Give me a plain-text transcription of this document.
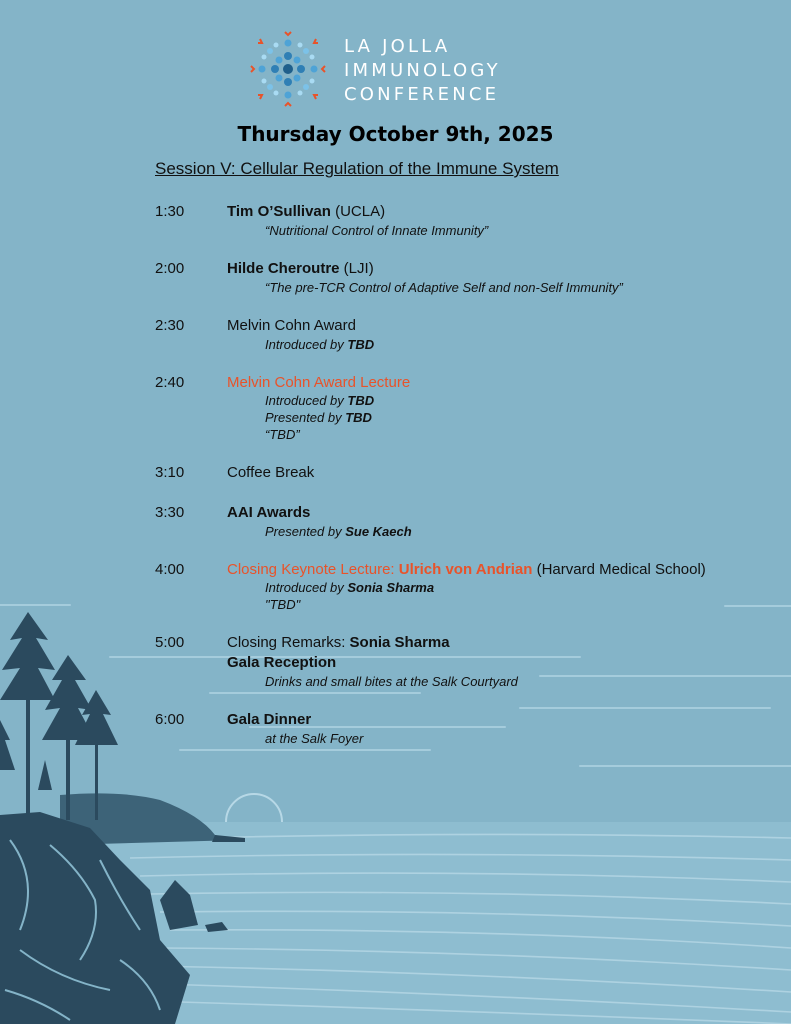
LA JOLLA
IMMUNOLOGY
CONFERENCE
Thursday October 9th, 2025
Session V: Cellular Regulation of the Immune System
1:30	Tim O’Sullivan (UCLA)
“Nutritional Control of Innate Immunity”
2:00	Hilde Cheroutre (LJI)
“The pre-TCR Control of Adaptive Self and non-Self Immunity”
2:30	Melvin Cohn Award
Introduced by TBD
2:40	Melvin Cohn Award Lecture
Introduced by TBD
Presented by TBD
“TBD”
3:10	Coffee Break
3:30	AAI Awards
Presented by Sue Kaech
4:00	Closing Keynote Lecture: Ulrich von Andrian (Harvard Medical School)
Introduced by Sonia Sharma
"TBD"
5:00	Closing Remarks: Sonia Sharma
Gala Reception
Drinks and small bites at the Salk Courtyard
6:00	Gala Dinner
at the Salk Foyer
